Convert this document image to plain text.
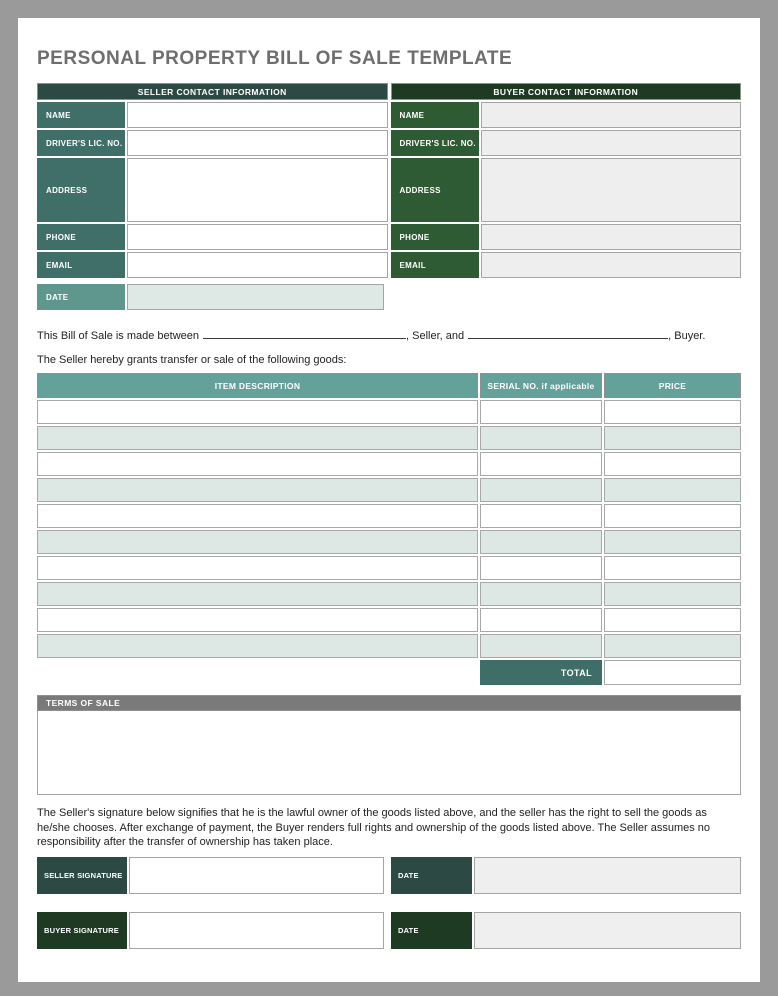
PERSONAL PROPERTY BILL OF SALE TEMPLATE
SELLER CONTACT INFORMATION
NAME
DRIVER'S LIC. NO.
ADDRESS
PHONE
EMAIL
BUYER CONTACT INFORMATION
NAME
DRIVER'S LIC. NO.
ADDRESS
PHONE
EMAIL
DATE
This Bill of Sale is made between	, Seller, and	, Buyer.
The Seller hereby grants transfer or sale of the following goods:
ITEM DESCRIPTION	SERIAL NO. if applicable	PRICE
TOTAL
TERMS OF SALE
The Seller's signature below signifies that he is the lawful owner of the goods listed above, and the seller has the right to sell the goods as he/she chooses. After exchange of payment, the Buyer renders full rights and ownership of the goods listed above. The Seller assumes no responsibility after the transfer of ownership has taken place.
SELLER SIGNATURE	DATE
BUYER SIGNATURE	DATE
